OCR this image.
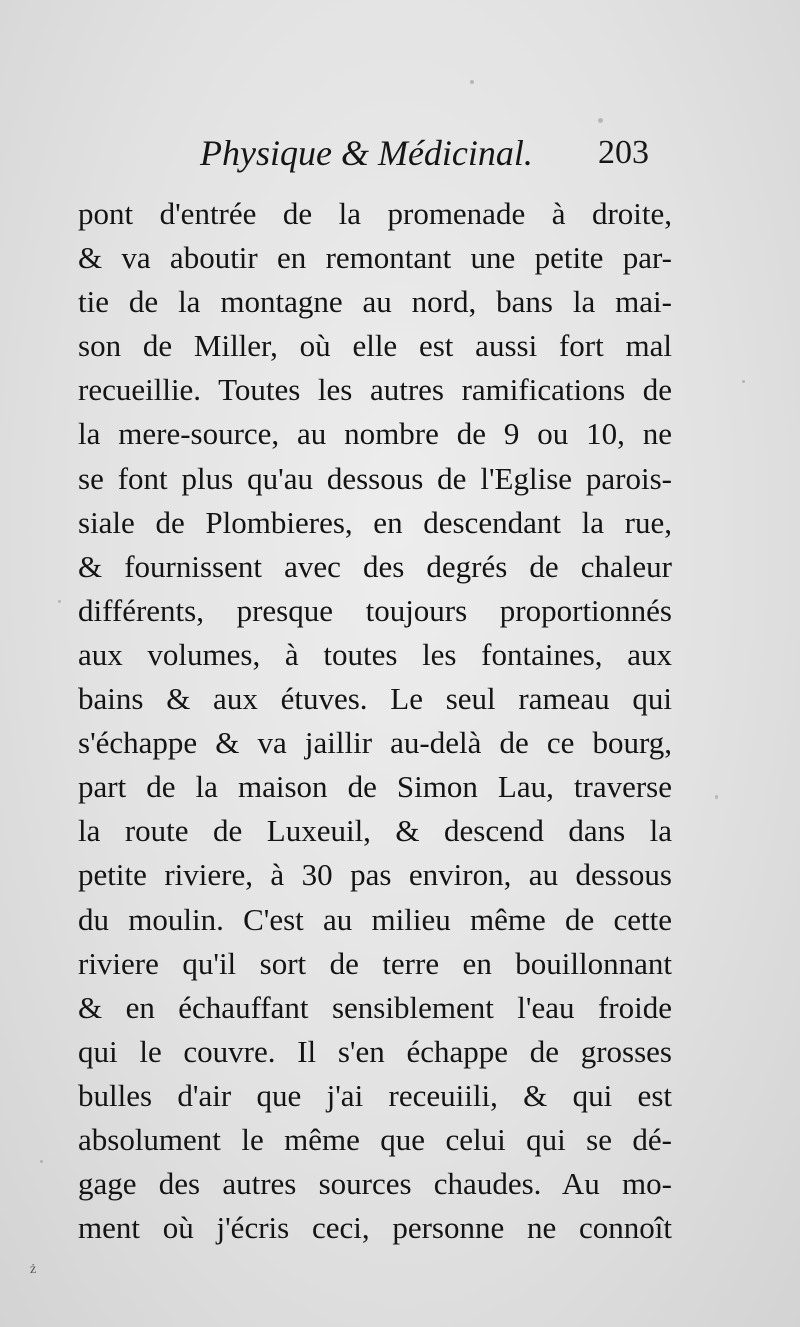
Physique & Médicinal. 203
pont d'entrée de la promenade à droite,
& va aboutir en remontant une petite par-
tie de la montagne au nord, bans la mai-
son de Miller, où elle est aussi fort mal
recueillie. Toutes les autres ramifications de
la mere-source, au nombre de 9 ou 10, ne
se font plus qu'au dessous de l'Eglise parois-
siale de Plombieres, en descendant la rue,
& fournissent avec des degrés de chaleur
différents, presque toujours proportionnés
aux volumes, à toutes les fontaines, aux
bains & aux étuves. Le seul rameau qui
s'échappe & va jaillir au-delà de ce bourg,
part de la maison de Simon Lau, traverse
la route de Luxeuil, & descend dans la
petite riviere, à 30 pas environ, au dessous
du moulin. C'est au milieu même de cette
riviere qu'il sort de terre en bouillonnant
& en échauffant sensiblement l'eau froide
qui le couvre. Il s'en échappe de grosses
bulles d'air que j'ai receuiili, & qui est
absolument le même que celui qui se dé-
gage des autres sources chaudes. Au mo-
ment où j'écris ceci, personne ne connoît
ż
